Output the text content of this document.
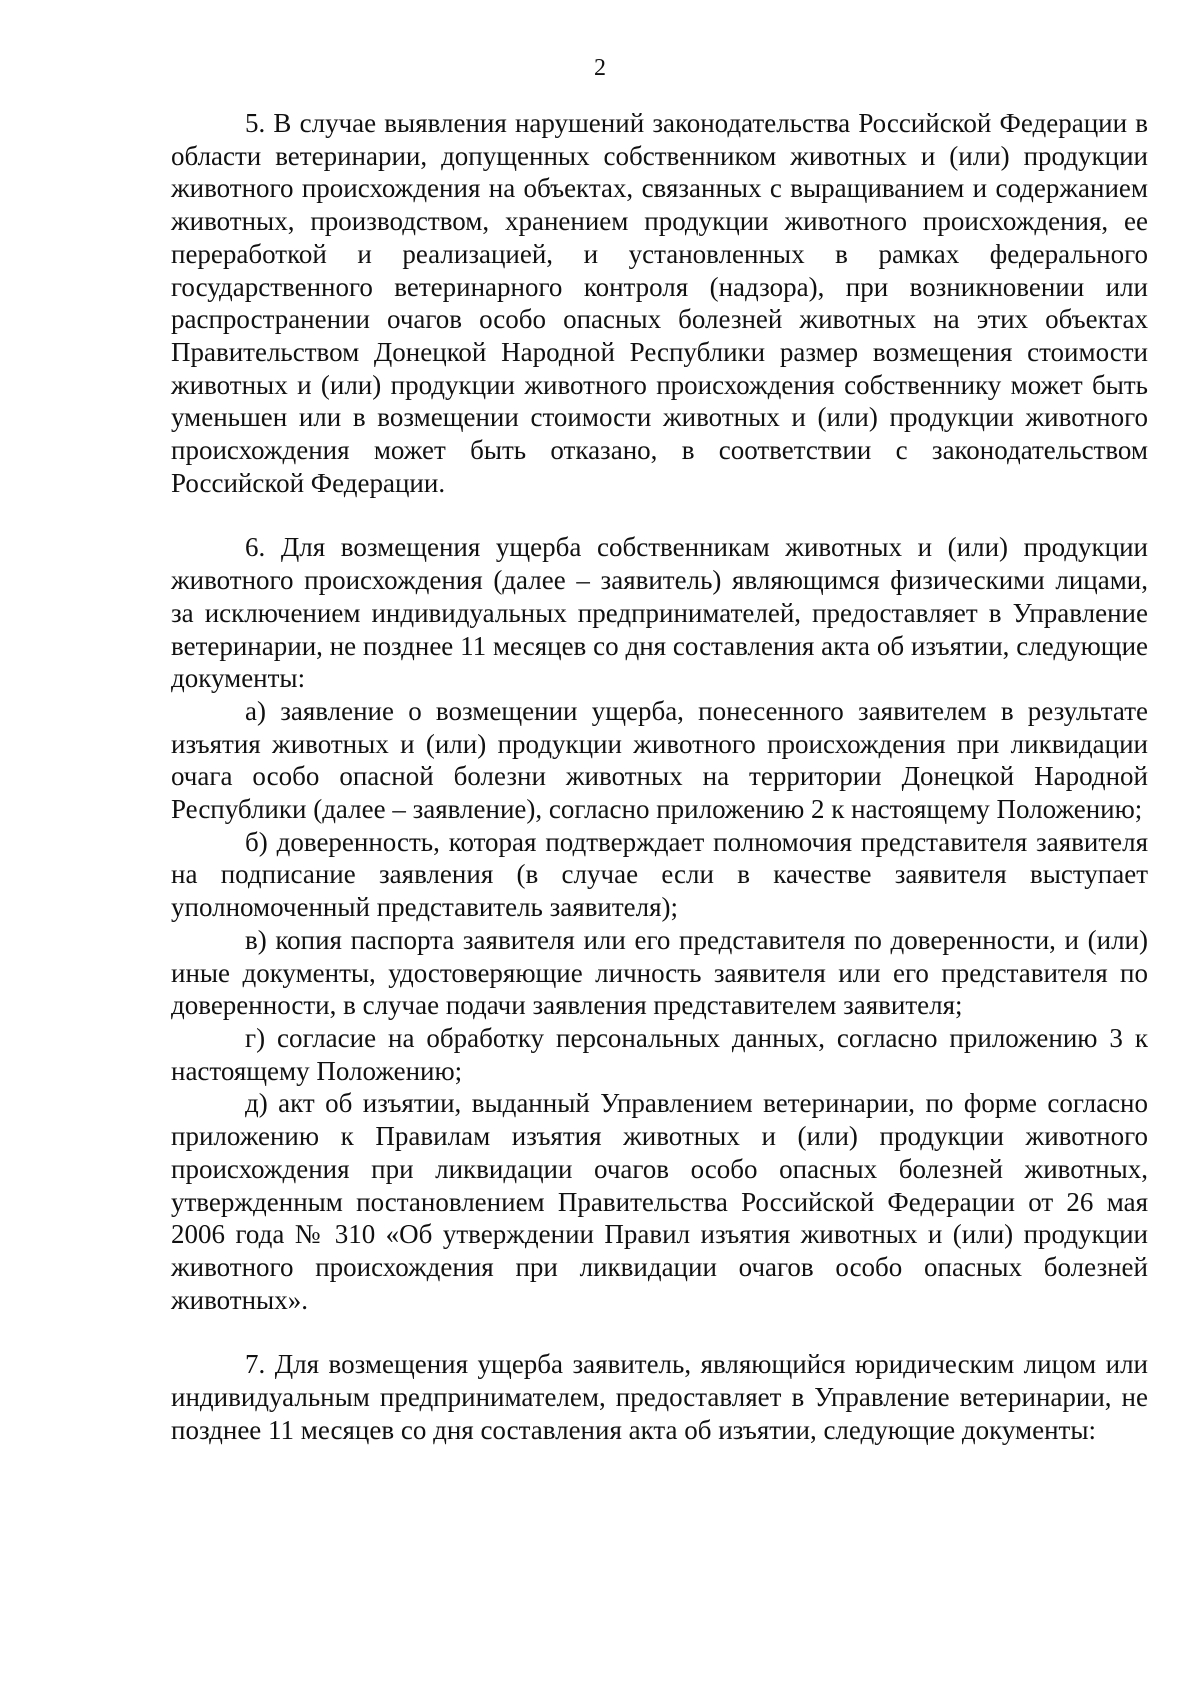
2

5. В случае выявления нарушений законодательства Российской Федерации в области ветеринарии, допущенных собственником животных и (или) продукции животного происхождения на объектах, связанных с выращиванием и содержанием животных, производством, хранением продукции животного происхождения, ее переработкой и реализацией, и установленных в рамках федерального государственного ветеринарного контроля (надзора), при возникновении или распространении очагов особо опасных болезней животных на этих объектах Правительством Донецкой Народной Республики размер возмещения стоимости животных и (или) продукции животного происхождения собственнику может быть уменьшен или в возмещении стоимости животных и (или) продукции животного происхождения может быть отказано, в соответствии с законодательством Российской Федерации.

6. Для возмещения ущерба собственникам животных и (или) продукции животного происхождения (далее – заявитель) являющимся физическими лицами, за исключением индивидуальных предпринимателей, предоставляет в Управление ветеринарии, не позднее 11 месяцев со дня составления акта об изъятии, следующие документы:

а) заявление о возмещении ущерба, понесенного заявителем в результате изъятия животных и (или) продукции животного происхождения при ликвидации очага особо опасной болезни животных на территории Донецкой Народной Республики (далее – заявление), согласно приложению 2 к настоящему Положению;

б) доверенность, которая подтверждает полномочия представителя заявителя на подписание заявления (в случае если в качестве заявителя выступает уполномоченный представитель заявителя);

в) копия паспорта заявителя или его представителя по доверенности, и (или) иные документы, удостоверяющие личность заявителя или его представителя по доверенности, в случае подачи заявления представителем заявителя;

г) согласие на обработку персональных данных, согласно приложению 3 к настоящему Положению;

д) акт об изъятии, выданный Управлением ветеринарии, по форме согласно приложению к Правилам изъятия животных и (или) продукции животного происхождения при ликвидации очагов особо опасных болезней животных, утвержденным постановлением Правительства Российской Федерации от 26 мая 2006 года № 310 «Об утверждении Правил изъятия животных и (или) продукции животного происхождения при ликвидации очагов особо опасных болезней животных».

7. Для возмещения ущерба заявитель, являющийся юридическим лицом или индивидуальным предпринимателем, предоставляет в Управление ветеринарии, не позднее 11 месяцев со дня составления акта об изъятии, следующие документы:
